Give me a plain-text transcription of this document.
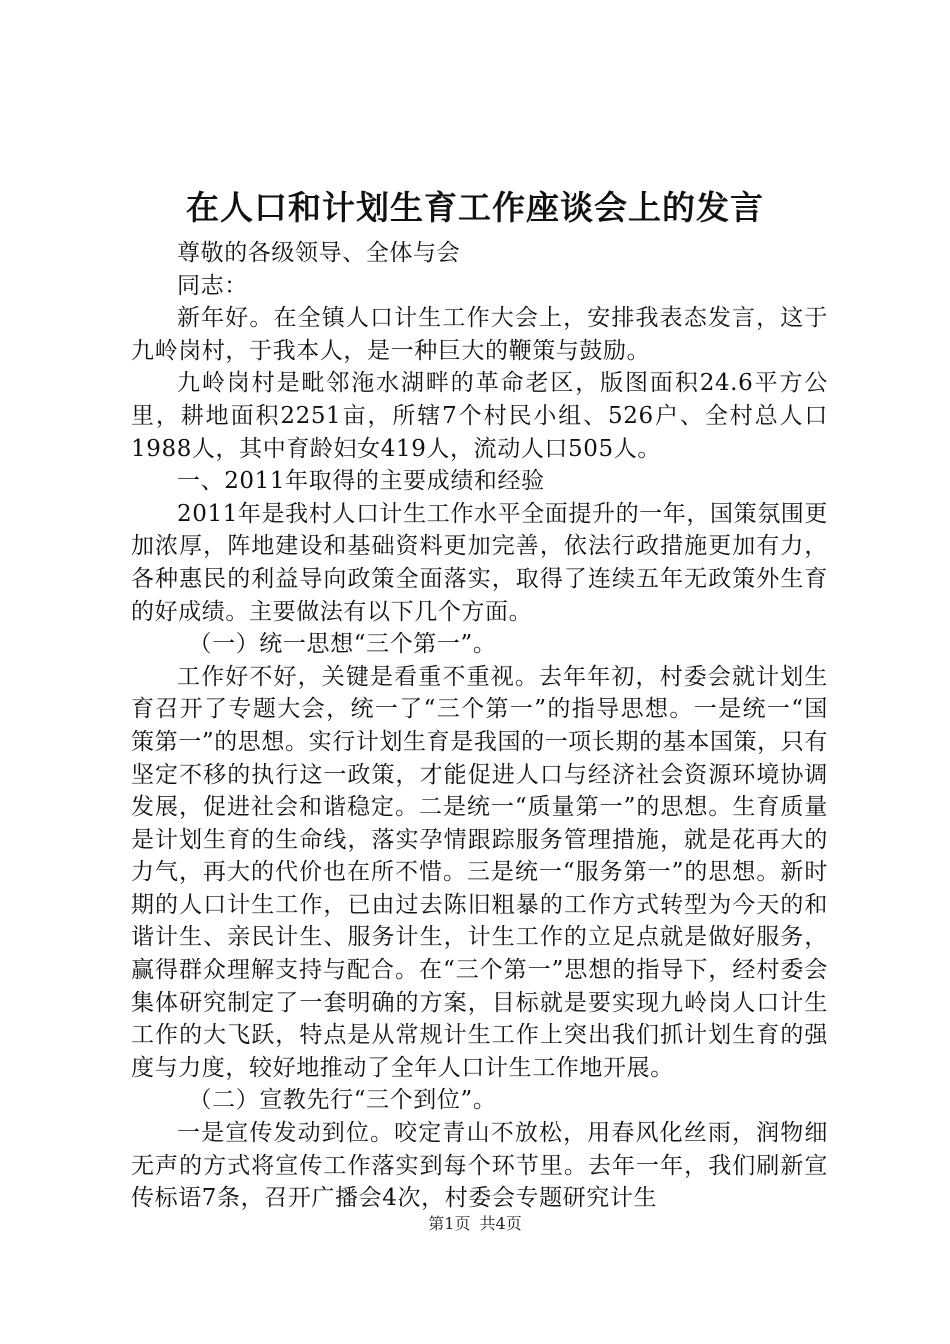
在人口和计划生育工作座谈会上的发言

尊敬的各级领导、全体与会

同志：

新年好。在全镇人口计生工作大会上，安排我表态发言，这于九岭岗村，于我本人，是一种巨大的鞭策与鼓励。

九岭岗村是毗邻沲水湖畔的革命老区，版图面积24.6平方公里，耕地面积2251亩，所辖7个村民小组、526户、全村总人口1988人，其中育龄妇女419人，流动人口505人。

一、2011年取得的主要成绩和经验

2011年是我村人口计生工作水平全面提升的一年，国策氛围更加浓厚，阵地建设和基础资料更加完善，依法行政措施更加有力，各种惠民的利益导向政策全面落实，取得了连续五年无政策外生育的好成绩。主要做法有以下几个方面。

（一）统一思想“三个第一”。

工作好不好，关键是看重不重视。去年年初，村委会就计划生育召开了专题大会，统一了“三个第一”的指导思想。一是统一“国策第一”的思想。实行计划生育是我国的一项长期的基本国策，只有坚定不移的执行这一政策，才能促进人口与经济社会资源环境协调发展，促进社会和谐稳定。二是统一“质量第一”的思想。生育质量是计划生育的生命线，落实孕情跟踪服务管理措施，就是花再大的力气，再大的代价也在所不惜。三是统一“服务第一”的思想。新时期的人口计生工作，已由过去陈旧粗暴的工作方式转型为今天的和谐计生、亲民计生、服务计生，计生工作的立足点就是做好服务，赢得群众理解支持与配合。在“三个第一”思想的指导下，经村委会集体研究制定了一套明确的方案，目标就是要实现九岭岗人口计生工作的大飞跃，特点是从常规计生工作上突出我们抓计划生育的强度与力度，较好地推动了全年人口计生工作地开展。

（二）宣教先行“三个到位”。

一是宣传发动到位。咬定青山不放松，用春风化丝雨，润物细无声的方式将宣传工作落实到每个环节里。去年一年，我们刷新宣传标语7条，召开广播会4次，村委会专题研究计生

第1页 共4页
